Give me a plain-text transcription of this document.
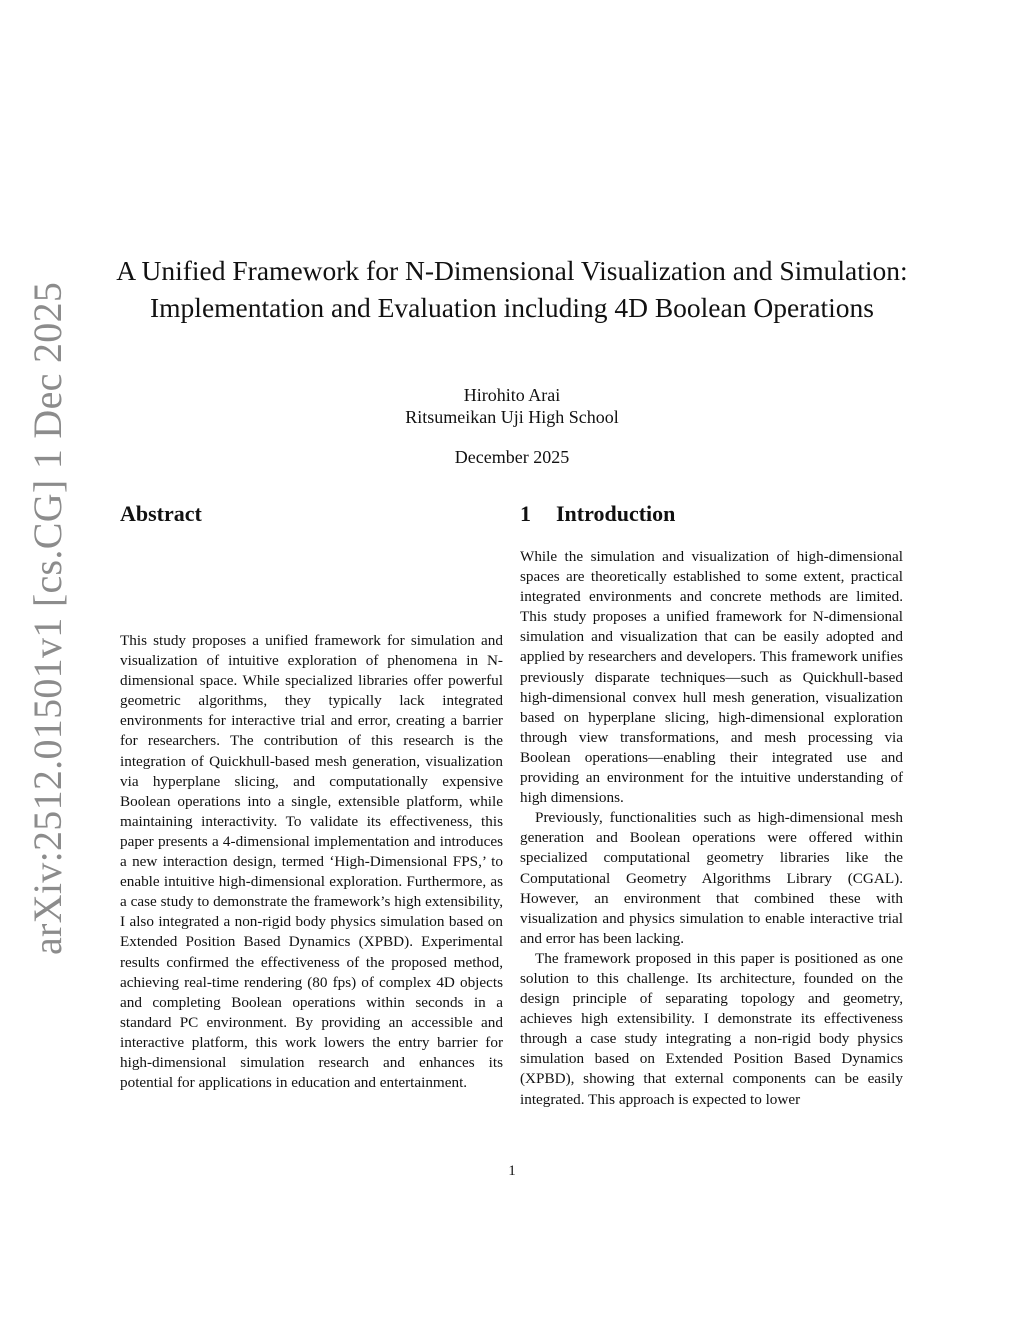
arXiv:2512.01501v1 [cs.CG] 1 Dec 2025
A Unified Framework for N-Dimensional Visualization and Simulation: Implementation and Evaluation including 4D Boolean Operations
Hirohito Arai
Ritsumeikan Uji High School
December 2025
Abstract

This study proposes a unified framework for simulation and visualization of intuitive exploration of phenomena in N-dimensional space. While specialized libraries offer powerful geometric algorithms, they typically lack integrated environments for interactive trial and error, creating a barrier for researchers. The contribution of this research is the integration of Quickhull-based mesh generation, visualization via hyperplane slicing, and computationally expensive Boolean operations into a single, extensible platform, while maintaining interactivity. To validate its effectiveness, this paper presents a 4-dimensional implementation and introduces a new interaction design, termed ‘High-Dimensional FPS,’ to enable intuitive high-dimensional exploration. Furthermore, as a case study to demonstrate the framework’s high extensibility, I also integrated a non-rigid body physics simulation based on Extended Position Based Dynamics (XPBD). Experimental results confirmed the effectiveness of the proposed method, achieving real-time rendering (80 fps) of complex 4D objects and completing Boolean operations within seconds in a standard PC environment. By providing an accessible and interactive platform, this work lowers the entry barrier for high-dimensional simulation research and enhances its potential for applications in education and entertainment.

1 Introduction

While the simulation and visualization of high-dimensional spaces are theoretically established to some extent, practical integrated environments and concrete methods are limited. This study proposes a unified framework for N-dimensional simulation and visualization that can be easily adopted and applied by researchers and developers. This framework unifies previously disparate techniques—such as Quickhull-based high-dimensional convex hull mesh generation, visualization based on hyperplane slicing, high-dimensional exploration through view transformations, and mesh processing via Boolean operations—enabling their integrated use and providing an environment for the intuitive understanding of high dimensions.

Previously, functionalities such as high-dimensional mesh generation and Boolean operations were offered within specialized computational geometry libraries like the Computational Geometry Algorithms Library (CGAL). However, an environment that combined these with visualization and physics simulation to enable interactive trial and error has been lacking.

The framework proposed in this paper is positioned as one solution to this challenge. Its architecture, founded on the design principle of separating topology and geometry, achieves high extensibility. I demonstrate its effectiveness through a case study integrating a non-rigid body physics simulation based on Extended Position Based Dynamics (XPBD), showing that external components can be easily integrated. This approach is expected to lower

1
